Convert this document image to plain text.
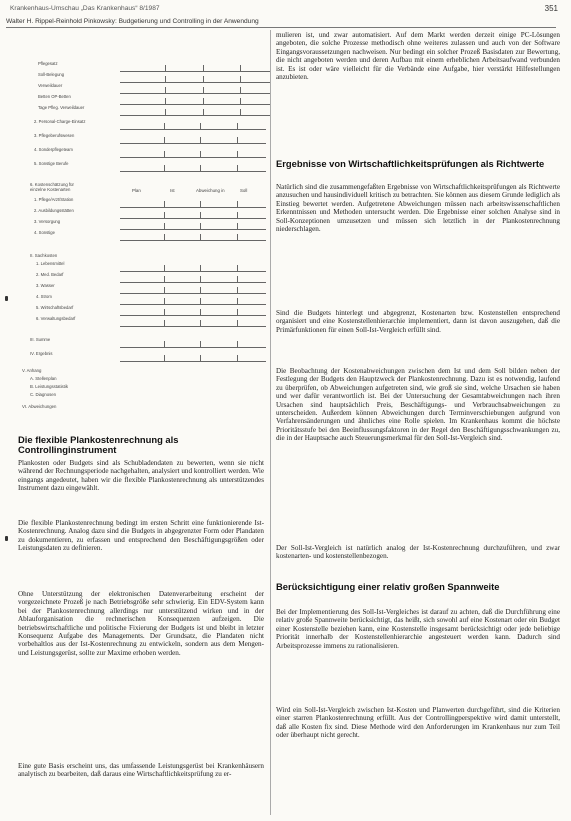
Krankenhaus-Umschau „Das Krankenhaus“ 8/1987	351
Walter H. Rippel-Reinhold Pinkowsky: Budgetierung und Controlling in der Anwendung
Pflegesatz
Soll-Belegung
Verweildauer
Betten OP-Betten
Tage Pfleg. Verweildauer
2. Personal-Charge-Einsatz
3. Pflegeberufswesen
4. Sonderpflegeteam
5. Sonstige Berufe
6. Kostenschätzung für einzelne Kostenarten	Plan	Ist	Abweichung in	Soll
1. Pflege/Arzt/Station
2. Ausbildungsstätten
3. Versorgung
4. Sonstige
II. Sachkosten
1. Lebensmittel
2. Med. Bedarf
3. Wasser
4. Strom
5. Wirtschaftsbedarf
6. Verwaltungsbedarf
III. Summe
IV. Ergebnis
V. Anhang
A. Stellenplan
B. Leistungsstatistik
C. Diagnosen
VI. Abweichungen
Die flexible Plankostenrechnung als Controllinginstrument
Plankosten oder Budgets sind als Schubladendaten zu bewerten, wenn sie nicht während der Rechnungsperiode nachgehalten, analysiert und kontrolliert werden. Wie eingangs angedeutet, haben wir die flexible Plankostenrechnung als unterstützendes Instrument dazu eingewählt.
Die flexible Plankostenrechnung bedingt im ersten Schritt eine funktionierende Ist-Kostenrechnung. Analog dazu sind die Budgets in abgegrenzter Form oder Plandaten zu dokumentieren, zu erfassen und entsprechend den Beschäftigungsgrößen oder Leistungsdaten zu definieren.
Ohne Unterstützung der elektronischen Datenverarbeitung erscheint der vorgezeichnete Prozeß je nach Betriebsgröße sehr schwierig. Ein EDV-System kann bei der Plankostenrechnung allerdings nur unterstützend wirken und in der Ablauforganisation die rechnerischen Konsequenzen aufzeigen. Die betriebswirtschaftliche und politische Fixierung der Budgets ist und bleibt in letzter Konsequenz Aufgabe des Managements. Der Grundsatz, die Plandaten nicht vorbehaltlos aus der Ist-Kostenrechnung zu entwickeln, sondern aus dem Mengen- und Leistungsgerüst, sollte zur Maxime erhoben werden.
Eine gute Basis erscheint uns, das umfassende Leistungsgerüst bei Krankenhäusern analytisch zu bearbeiten, daß daraus eine Wirtschaftlichkeitsprüfung zu er-
mulieren ist, und zwar automatisiert. Auf dem Markt werden derzeit einige PC-Lösungen angeboten, die solche Prozesse methodisch ohne weiteres zulassen und auch von der Software Eingangsvoraussetzungen nachweisen. Nur bedingt ein solcher Prozeß Basisdaten zur Bewertung, die nicht angeboten werden und deren Aufbau mit einem erheblichen Arbeitsaufwand verbunden ist. Es ist oder wäre vielleicht für die Verbände eine Aufgabe, hier verstärkt Hilfestellungen anzubieten.
Ergebnisse von Wirtschaftlichkeitsprüfungen als Richtwerte
Natürlich sind die zusammengefaßten Ergebnisse von Wirtschaftlichkeitsprüfungen als Richtwerte anzusuchen und hausindividuell kritisch zu betrachten. Sie können aus diesem Grunde lediglich als Einstieg bewertet werden. Aufgetretene Abweichungen müssen nach arbeitswissenschaftlichen Erkenntnissen und Methoden untersucht werden. Die Ergebnisse einer solchen Analyse sind in Soll-Konzeptionen umzusetzen und müssen sich letztlich in der Plankostenrechnung niederschlagen.
Sind die Budgets hinterlegt und abgegrenzt, Kostenarten bzw. Kostenstellen entsprechend organisiert und eine Kostenstellenhierarchie implementiert, dann ist davon auszugehen, daß die Primärfunktionen für einen Soll-Ist-Vergleich erfüllt sind.
Die Beobachtung der Kostenabweichungen zwischen dem Ist und dem Soll bilden neben der Festlegung der Budgets den Hauptzweck der Plankostenrechnung. Dazu ist es notwendig, laufend zu überprüfen, ob Abweichungen aufgetreten sind, wie groß sie sind, welche Ursachen sie haben und wer dafür verantwortlich ist. Bei der Untersuchung der Gesamtabweichungen nach ihren Ursachen sind hauptsächlich Preis, Beschäftigungs- und Verbrauchsabweichungen zu unterscheiden. Außerdem können Abweichungen durch Terminverschiebungen aufgrund von Verfahrensänderungen und ähnliches eine Rolle spielen. Im Krankenhaus kommt die höchste Prioritätsstufe bei den Beeinflussungsfaktoren in der Regel den Beschäftigungsschwankungen zu, die in der Hauptsache auch Steuerungsmerkmal für den Soll-Ist-Vergleich sind.
Der Soll-Ist-Vergleich ist natürlich analog der Ist-Kostenrechnung durchzuführen, und zwar kostenarten- und kostenstellenbezogen.
Berücksichtigung einer relativ großen Spannweite
Bei der Implementierung des Soll-Ist-Vergleiches ist darauf zu achten, daß die Durchführung eine relativ große Spannweite berücksichtigt, das heißt, sich sowohl auf eine Kostenart oder ein Budget einer Kostenstelle beziehen kann, eine Kostenstelle insgesamt berücksichtigt oder jede beliebige Priorität innerhalb der Kostenstellenhierarchie angesteuert werden kann. Dadurch sind Arbeitsprozesse immens zu rationalisieren.
Wird ein Soll-Ist-Vergleich zwischen Ist-Kosten und Planwerten durchgeführt, sind die Kriterien einer starren Plankostenrechnung erfüllt. Aus der Controllingperspektive wird damit unterstellt, daß alle Kosten fix sind. Diese Methode wird den Anforderungen im Krankenhaus nur zum Teil oder überhaupt nicht gerecht.
